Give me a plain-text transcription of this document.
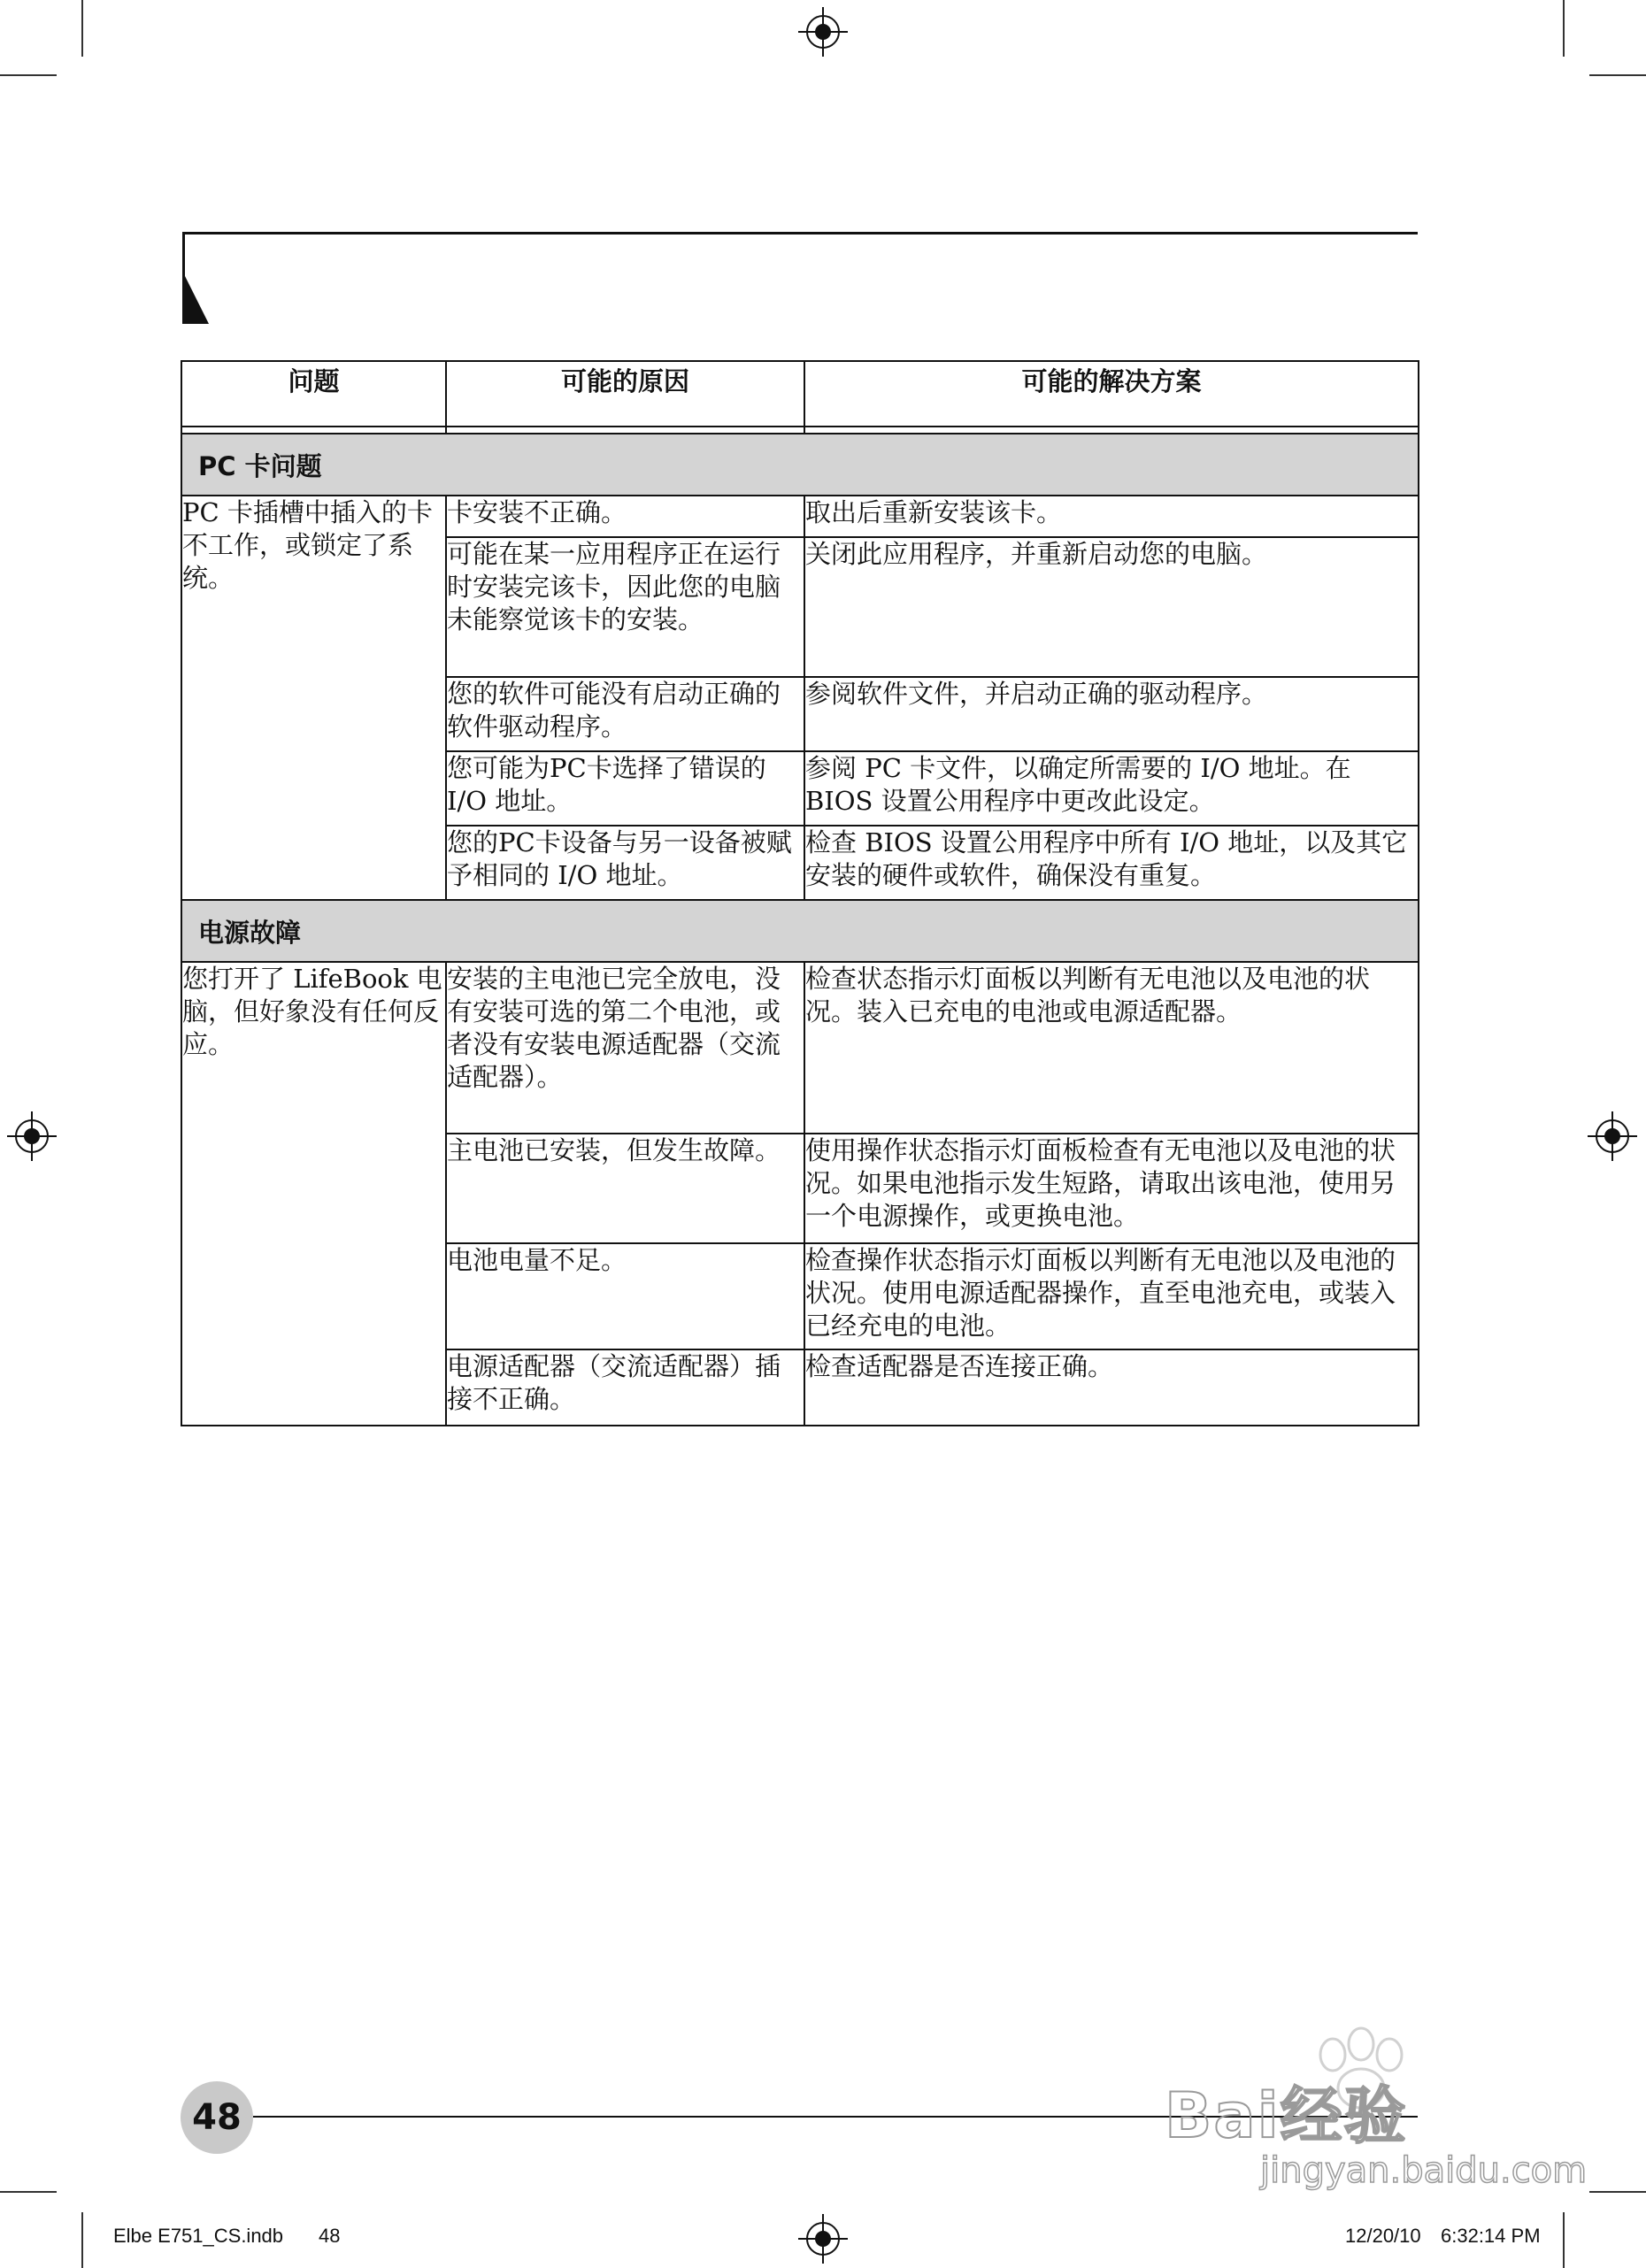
问题	可能的原因	可能的解决方案

PC 卡问题		
PC 卡插槽中插入的卡不工作，或锁定了系统。	卡安装不正确。	取出后重新安装该卡。
	可能在某一应用程序正在运行时安装完该卡，因此您的电脑未能察觉该卡的安装。	关闭此应用程序，并重新启动您的电脑。
	您的软件可能没有启动正确的软件驱动程序。	参阅软件文件，并启动正确的驱动程序。
	您可能为PC卡选择了错误的 I/O 地址。	参阅 PC 卡文件，以确定所需要的 I/O 地址。在 BIOS 设置公用程序中更改此设定。
	您的PC卡设备与另一设备被赋予相同的 I/O 地址。	检查 BIOS 设置公用程序中所有 I/O 地址，以及其它安装的硬件或软件，确保没有重复。
电源故障		
您打开了 LifeBook 电脑，但好象没有任何反应。	安装的主电池已完全放电，没有安装可选的第二个电池，或者没有安装电源适配器（交流适配器）。	检查状态指示灯面板以判断有无电池以及电池的状况。装入已充电的电池或电源适配器。
	主电池已安装，但发生故障。	使用操作状态指示灯面板检查有无电池以及电池的状况。如果电池指示发生短路，请取出该电池，使用另一个电源操作，或更换电池。
	电池电量不足。	检查操作状态指示灯面板以判断有无电池以及电池的状况。使用电源适配器操作，直至电池充电，或装入已经充电的电池。
	电源适配器（交流适配器）插接不正确。	检查适配器是否连接正确。
48	Bai经验
jingyan.baidu.com
Elbe E751_CS.indb 48	12/20/10 6:32:14 PM
